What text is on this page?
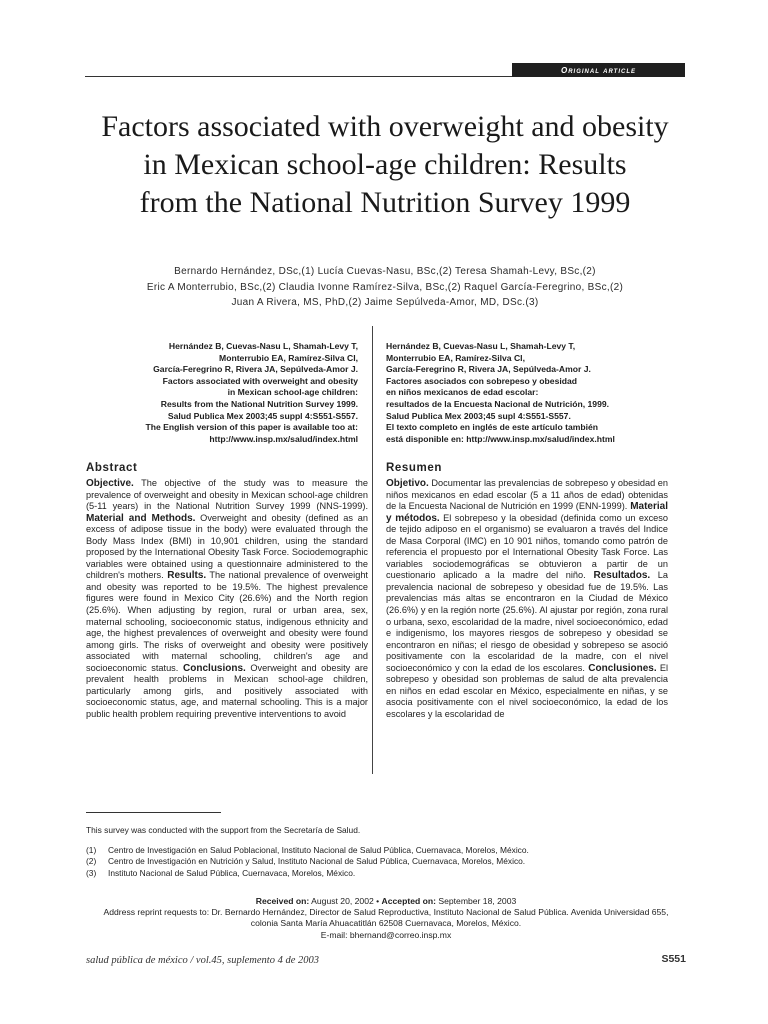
Original article
Factors associated with overweight and obesity
in Mexican school-age children: Results
from the National Nutrition Survey 1999
Bernardo Hernández, DSc,(1) Lucía Cuevas-Nasu, BSc,(2) Teresa Shamah-Levy, BSc,(2)
Eric A Monterrubio, BSc,(2) Claudia Ivonne Ramírez-Silva, BSc,(2) Raquel García-Feregrino, BSc,(2)
Juan A Rivera, MS, PhD,(2) Jaime Sepúlveda-Amor, MD, DSc.(3)
Hernández B, Cuevas-Nasu L, Shamah-Levy T,
Monterrubio EA, Ramírez-Silva CI,
García-Feregrino R, Rivera JA, Sepúlveda-Amor J.
Factors associated with overweight and obesity
in Mexican school-age children:
Results from the National Nutrition Survey 1999.
Salud Publica Mex 2003;45 suppl 4:S551-S557.
The English version of this paper is available too at:
http://www.insp.mx/salud/index.html
Hernández B, Cuevas-Nasu L, Shamah-Levy T,
Monterrubio EA, Ramírez-Silva CI,
García-Feregrino R, Rivera JA, Sepúlveda-Amor J.
Factores asociados con sobrepeso y obesidad
en niños mexicanos de edad escolar:
resultados de la Encuesta Nacional de Nutrición, 1999.
Salud Publica Mex 2003;45 supl 4:S551-S557.
El texto completo en inglés de este artículo también
está disponible en: http://www.insp.mx/salud/index.html
Abstract
Objective. The objective of the study was to measure the prevalence of overweight and obesity in Mexican school-age children (5-11 years) in the National Nutrition Survey 1999 (NNS-1999). Material and Methods. Overweight and obesity (defined as an excess of adipose tissue in the body) were evaluated through the Body Mass Index (BMI) in 10,901 children, using the standard proposed by the International Obesity Task Force. Sociodemographic variables were obtained using a questionnaire administered to the children's mothers. Results. The national prevalence of overweight and obesity was reported to be 19.5%. The highest prevalence figures were found in Mexico City (26.6%) and the North region (25.6%). When adjusting by region, rural or urban area, sex, maternal schooling, socioeconomic status, indigenous ethnicity and age, the highest prevalences of overweight and obesity were found among girls. The risks of overweight and obesity were positively associated with maternal schooling, children's age and socioeconomic status. Conclusions. Overweight and obesity are prevalent health problems in Mexican school-age children, particularly among girls, and positively associated with socioeconomic status, age, and maternal schooling. This is a major public health problem requiring preventive interventions to avoid
Resumen
Objetivo. Documentar las prevalencias de sobrepeso y obesidad en niños mexicanos en edad escolar (5 a 11 años de edad) obtenidas de la Encuesta Nacional de Nutrición en 1999 (ENN-1999). Material y métodos. El sobrepeso y la obesidad (definida como un exceso de tejido adiposo en el organismo) se evaluaron a través del Indice de Masa Corporal (IMC) en 10 901 niños, tomando como patrón de referencia el propuesto por el International Obesity Task Force. Las variables sociodemográficas se obtuvieron a partir de un cuestionario aplicado a la madre del niño. Resultados. La prevalencia nacional de sobrepeso y obesidad fue de 19.5%. Las prevalencias más altas se encontraron en la Ciudad de México (26.6%) y en la región norte (25.6%). Al ajustar por región, zona rural o urbana, sexo, escolaridad de la madre, nivel socioeconómico, edad e indigenismo, los mayores riesgos de sobrepeso y obesidad se encontraron en niñas; el riesgo de obesidad y sobrepeso se asoció positivamente con la escolaridad de la madre, con el nivel socioeconómico y con la edad de los escolares. Conclusiones. El sobrepeso y obesidad son problemas de salud de alta prevalencia en niños en edad escolar en México, especialmente en niñas, y se asocia positivamente con el nivel socioeconómico, la edad de los escolares y la escolaridad de
This survey was conducted with the support from the Secretaría de Salud.
(1)	Centro de Investigación en Salud Poblacional, Instituto Nacional de Salud Pública, Cuernavaca, Morelos, México.
(2)	Centro de Investigación en Nutrición y Salud, Instituto Nacional de Salud Pública, Cuernavaca, Morelos, México.
(3)	Instituto Nacional de Salud Pública, Cuernavaca, Morelos, México.
Received on: August 20, 2002 • Accepted on: September 18, 2003
Address reprint requests to: Dr. Bernardo Hernández, Director de Salud Reproductiva, Instituto Nacional de Salud Pública. Avenida Universidad 655,
colonia Santa María Ahuacatitlán 62508 Cuernavaca, Morelos, México.
E-mail: bhernand@correo.insp.mx
salud pública de méxico / vol.45, suplemento 4 de 2003	S551
